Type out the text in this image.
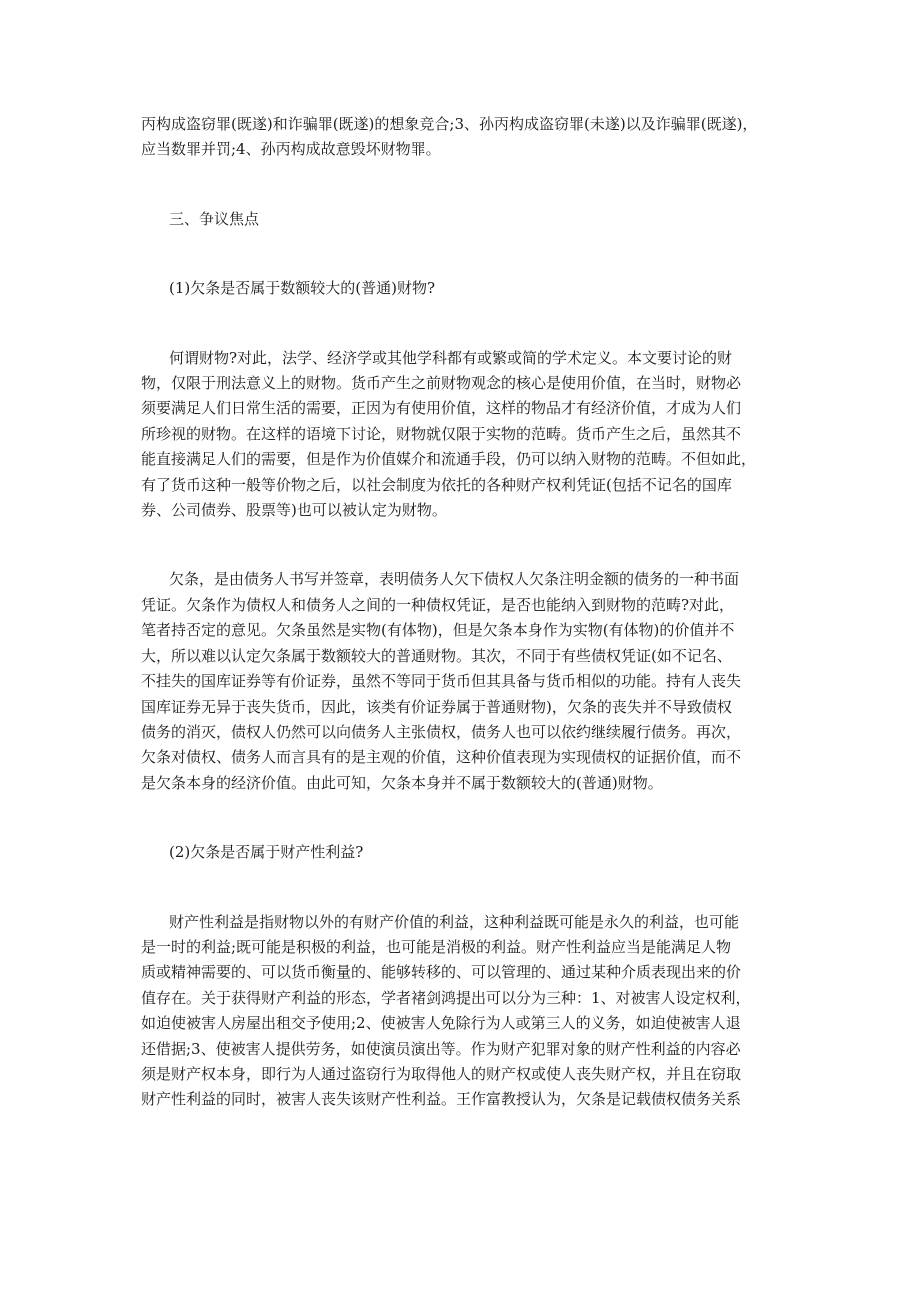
丙构成盗窃罪(既遂)和诈骗罪(既遂)的想象竞合;3、孙丙构成盗窃罪(未遂)以及诈骗罪(既遂)，

应当数罪并罚;4、孙丙构成故意毁坏财物罪。

三、争议焦点

(1)欠条是否属于数额较大的(普通)财物?

何谓财物?对此，法学、经济学或其他学科都有或繁或简的学术定义。本文要讨论的财

物，仅限于刑法意义上的财物。货币产生之前财物观念的核心是使用价值，在当时，财物必

须要满足人们日常生活的需要，正因为有使用价值，这样的物品才有经济价值，才成为人们

所珍视的财物。在这样的语境下讨论，财物就仅限于实物的范畴。货币产生之后，虽然其不

能直接满足人们的需要，但是作为价值媒介和流通手段，仍可以纳入财物的范畴。不但如此，

有了货币这种一般等价物之后，以社会制度为依托的各种财产权利凭证(包括不记名的国库

券、公司债券、股票等)也可以被认定为财物。

欠条，是由债务人书写并签章，表明债务人欠下债权人欠条注明金额的债务的一种书面

凭证。欠条作为债权人和债务人之间的一种债权凭证，是否也能纳入到财物的范畴?对此，

笔者持否定的意见。欠条虽然是实物(有体物)，但是欠条本身作为实物(有体物)的价值并不

大，所以难以认定欠条属于数额较大的普通财物。其次，不同于有些债权凭证(如不记名、

不挂失的国库证券等有价证券，虽然不等同于货币但其具备与货币相似的功能。持有人丧失

国库证券无异于丧失货币，因此，该类有价证券属于普通财物)，欠条的丧失并不导致债权

债务的消灭，债权人仍然可以向债务人主张债权，债务人也可以依约继续履行债务。再次，

欠条对债权、债务人而言具有的是主观的价值，这种价值表现为实现债权的证据价值，而不

是欠条本身的经济价值。由此可知，欠条本身并不属于数额较大的(普通)财物。

(2)欠条是否属于财产性利益?

财产性利益是指财物以外的有财产价值的利益，这种利益既可能是永久的利益，也可能

是一时的利益;既可能是积极的利益，也可能是消极的利益。财产性利益应当是能满足人物

质或精神需要的、可以货币衡量的、能够转移的、可以管理的、通过某种介质表现出来的价

值存在。关于获得财产利益的形态，学者褚剑鸿提出可以分为三种：1、对被害人设定权利，

如迫使被害人房屋出租交予使用;2、使被害人免除行为人或第三人的义务，如迫使被害人退

还借据;3、使被害人提供劳务，如使演员演出等。作为财产犯罪对象的财产性利益的内容必

须是财产权本身，即行为人通过盗窃行为取得他人的财产权或使人丧失财产权，并且在窃取

财产性利益的同时，被害人丧失该财产性利益。王作富教授认为，欠条是记载债权债务关系
